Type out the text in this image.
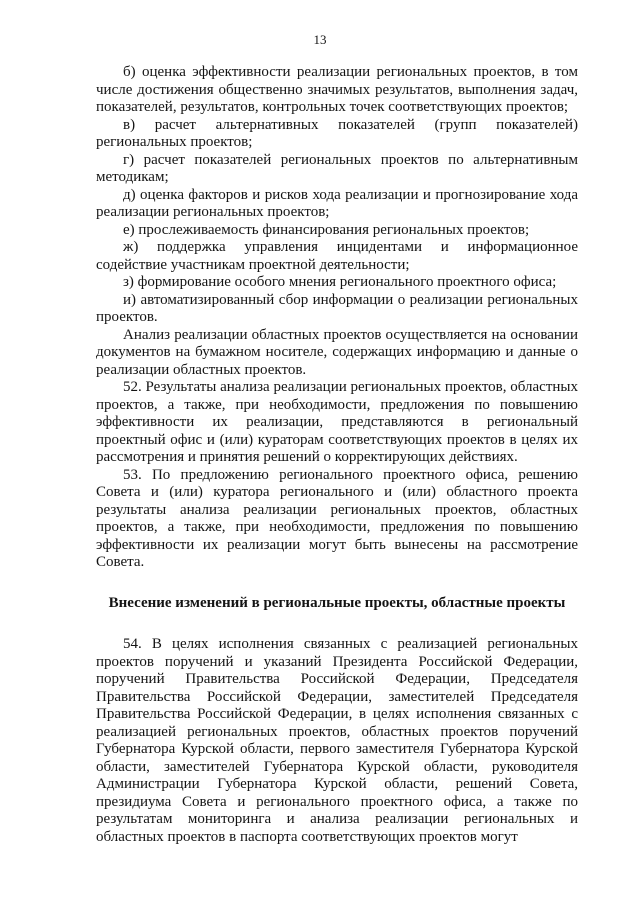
13

б) оценка эффективности реализации региональных проектов, в том числе достижения общественно значимых результатов, выполнения задач, показателей, результатов, контрольных точек соответствующих проектов;

в) расчет альтернативных показателей (групп показателей) региональных проектов;

г) расчет показателей региональных проектов по альтернативным методикам;

д) оценка факторов и рисков хода реализации и прогнозирование хода реализации региональных проектов;

е) прослеживаемость финансирования региональных проектов;

ж) поддержка управления инцидентами и информационное содействие участникам проектной деятельности;

з) формирование особого мнения регионального проектного офиса;

и) автоматизированный сбор информации о реализации региональных проектов.

Анализ реализации областных проектов осуществляется на основании документов на бумажном носителе, содержащих информацию и данные о реализации областных проектов.

52. Результаты анализа реализации региональных проектов, областных проектов, а также, при необходимости, предложения по повышению эффективности их реализации, представляются в региональный проектный офис и (или) кураторам соответствующих проектов в целях их рассмотрения и принятия решений о корректирующих действиях.

53. По предложению регионального проектного офиса, решению Совета и (или) куратора регионального и (или) областного проекта результаты анализа реализации региональных проектов, областных проектов, а также, при необходимости, предложения по повышению эффективности их реализации могут быть вынесены на рассмотрение Совета.

Внесение изменений в региональные проекты, областные проекты

54. В целях исполнения связанных с реализацией региональных проектов поручений и указаний Президента Российской Федерации, поручений Правительства Российской Федерации, Председателя Правительства Российской Федерации, заместителей Председателя Правительства Российской Федерации, в целях исполнения связанных с реализацией региональных проектов, областных проектов поручений Губернатора Курской области, первого заместителя Губернатора Курской области, заместителей Губернатора Курской области, руководителя Администрации Губернатора Курской области, решений Совета, президиума Совета и регионального проектного офиса, а также по результатам мониторинга и анализа реализации региональных и областных проектов в паспорта соответствующих проектов могут
